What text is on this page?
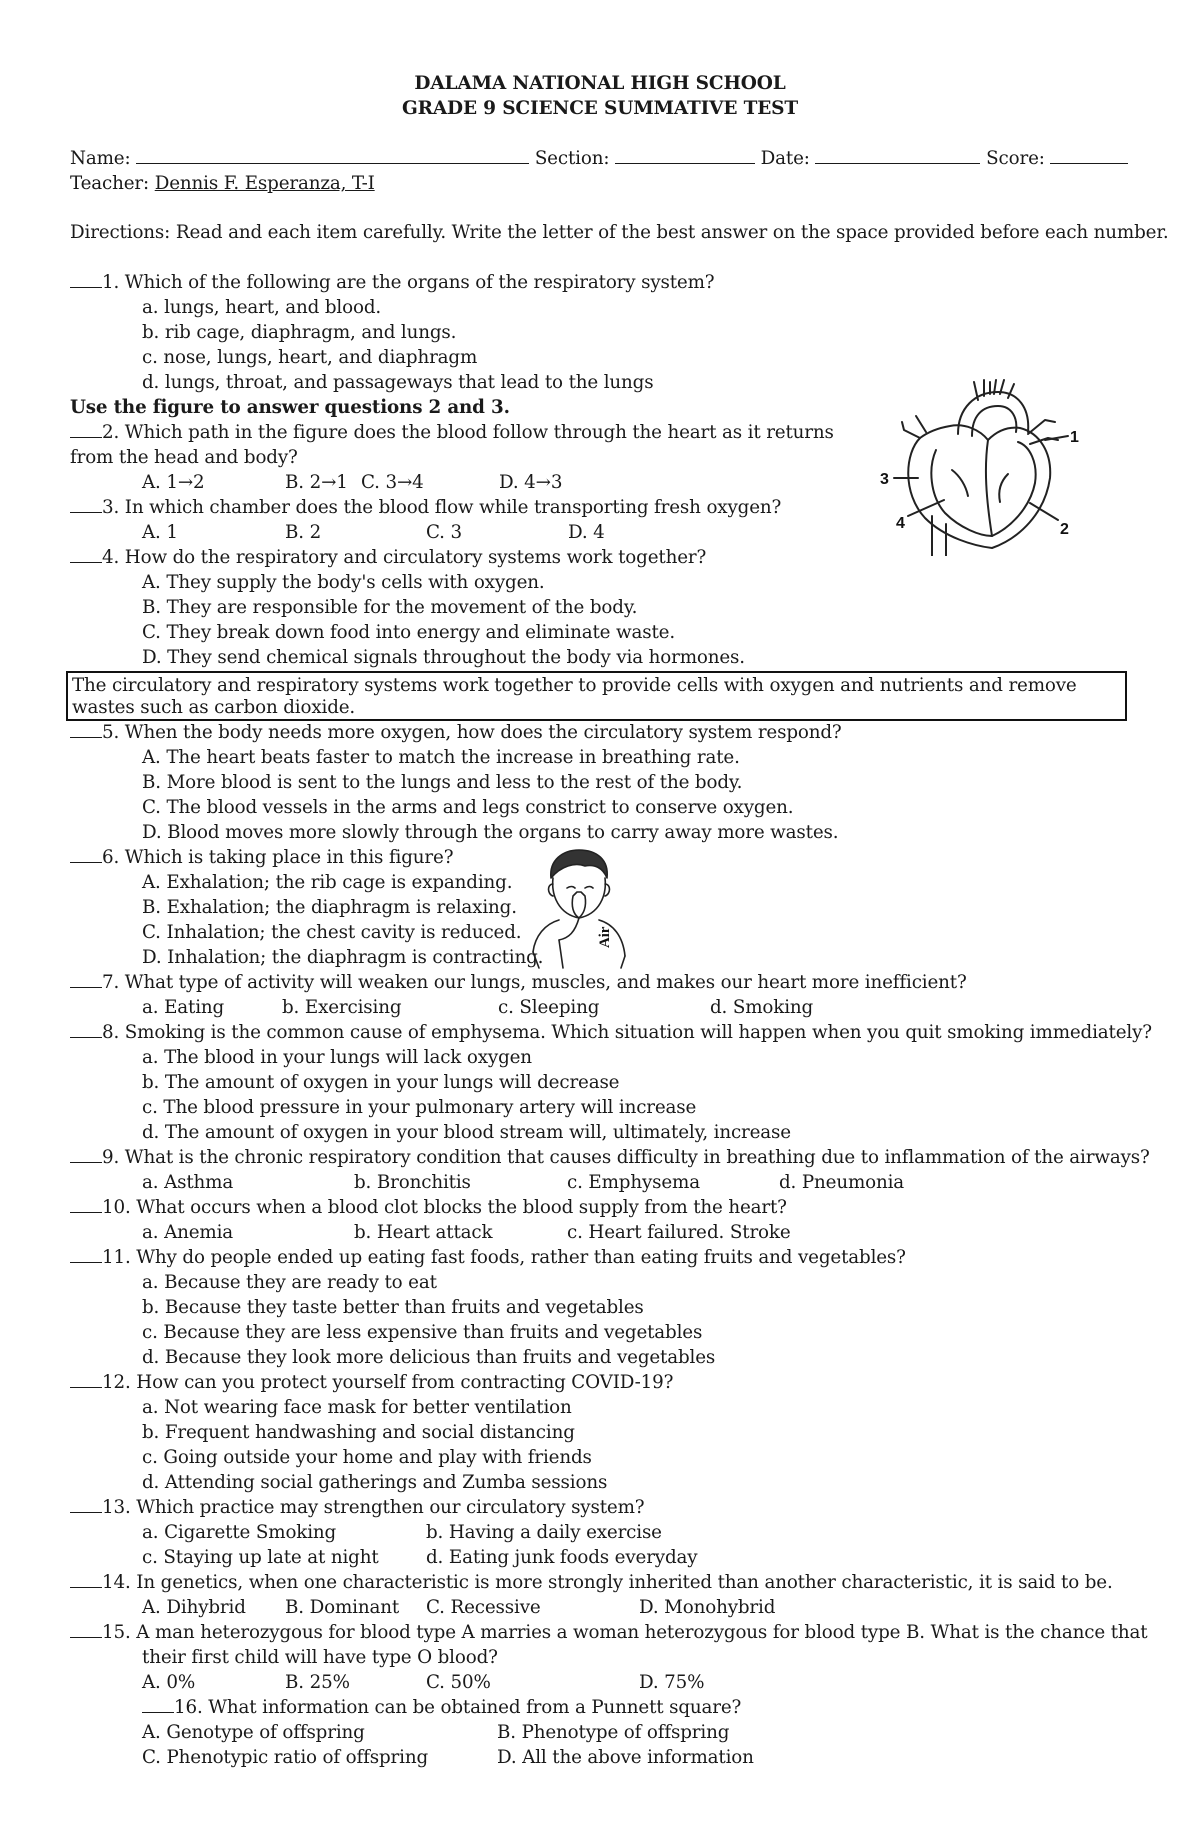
DALAMA NATIONAL HIGH SCHOOL
GRADE 9 SCIENCE SUMMATIVE TEST
Name:	Section:	Date:	Score:
Teacher: Dennis F. Esperanza, T-I
Directions: Read and each item carefully. Write the letter of the best answer on the space provided before each number.
1. Which of the following are the organs of the respiratory system?
a. lungs, heart, and blood.
b. rib cage, diaphragm, and lungs.
c. nose, lungs, heart, and diaphragm
d. lungs, throat, and passageways that lead to the lungs
Use the figure to answer questions 2 and 3.
2. Which path in the figure does the blood follow through the heart as it returns
from the head and body?
A. 1→2	B. 2→1 C. 3→4	D. 4→3
3. In which chamber does the blood flow while transporting fresh oxygen?
A. 1	B. 2	C. 3	D. 4
1
2
3
4
4. How do the respiratory and circulatory systems work together?
A. They supply the body's cells with oxygen.
B. They are responsible for the movement of the body.
C. They break down food into energy and eliminate waste.
D. They send chemical signals throughout the body via hormones.
The circulatory and respiratory systems work together to provide cells with oxygen and nutrients and remove wastes such as carbon dioxide.
5. When the body needs more oxygen, how does the circulatory system respond?
A. The heart beats faster to match the increase in breathing rate.
B. More blood is sent to the lungs and less to the rest of the body.
C. The blood vessels in the arms and legs constrict to conserve oxygen.
D. Blood moves more slowly through the organs to carry away more wastes.
6. Which is taking place in this figure?
A. Exhalation; the rib cage is expanding.
B. Exhalation; the diaphragm is relaxing.
C. Inhalation; the chest cavity is reduced.
D. Inhalation; the diaphragm is contracting.
Air
7. What type of activity will weaken our lungs, muscles, and makes our heart more inefficient?
a. Eating	b. Exercising	c. Sleeping	d. Smoking
8. Smoking is the common cause of emphysema. Which situation will happen when you quit smoking immediately?
a. The blood in your lungs will lack oxygen
b. The amount of oxygen in your lungs will decrease
c. The blood pressure in your pulmonary artery will increase
d. The amount of oxygen in your blood stream will, ultimately, increase
9. What is the chronic respiratory condition that causes difficulty in breathing due to inflammation of the airways?
a. Asthma	b. Bronchitis	c. Emphysema	d. Pneumonia
10. What occurs when a blood clot blocks the blood supply from the heart?
a. Anemia	b. Heart attack	c. Heart failure d. Stroke
11. Why do people ended up eating fast foods, rather than eating fruits and vegetables?
a. Because they are ready to eat
b. Because they taste better than fruits and vegetables
c. Because they are less expensive than fruits and vegetables
d. Because they look more delicious than fruits and vegetables
12. How can you protect yourself from contracting COVID-19?
a. Not wearing face mask for better ventilation
b. Frequent handwashing and social distancing
c. Going outside your home and play with friends
d. Attending social gatherings and Zumba sessions
13. Which practice may strengthen our circulatory system?
a. Cigarette Smoking	b. Having a daily exercise
c. Staying up late at night	d. Eating junk foods everyday
14. In genetics, when one characteristic is more strongly inherited than another characteristic, it is said to be.
A. Dihybrid B. Dominant C. Recessive	D. Monohybrid
15. A man heterozygous for blood type A marries a woman heterozygous for blood type B. What is the chance that
their first child will have type O blood?
A. 0%	B. 25%	C. 50%	D. 75%
16. What information can be obtained from a Punnett square?
A. Genotype of offspring	B. Phenotype of offspring
C. Phenotypic ratio of offspring	D. All the above information
